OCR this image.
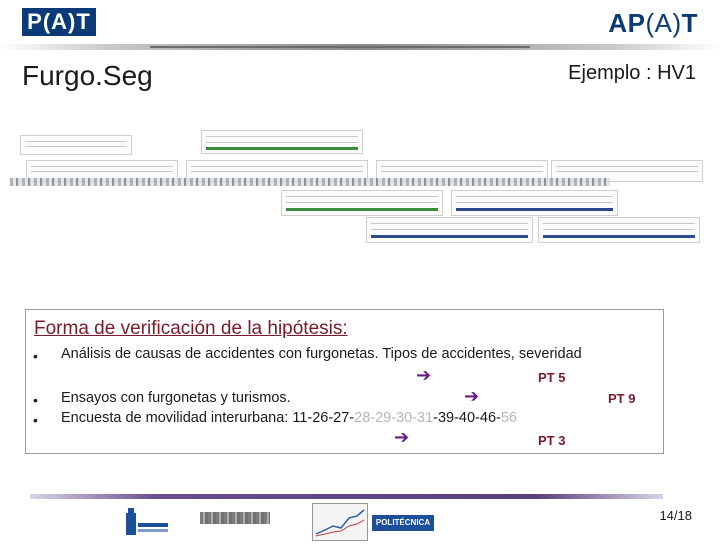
P(A)T	AP(A)T
Furgo.Seg	Ejemplo : HV1
Forma de verificación de la hipótesis:
• Análisis de causas de accidentes con furgonetas. Tipos de accidentes, severidad
➔	PT 5
• Ensayos con furgonetas y turismos.	➔	PT 9
• Encuesta de movilidad interurbana: 11-26-27-28-29-30-31-39-40-46-56
➔	PT 3
POLITÉCNICA	14/18
